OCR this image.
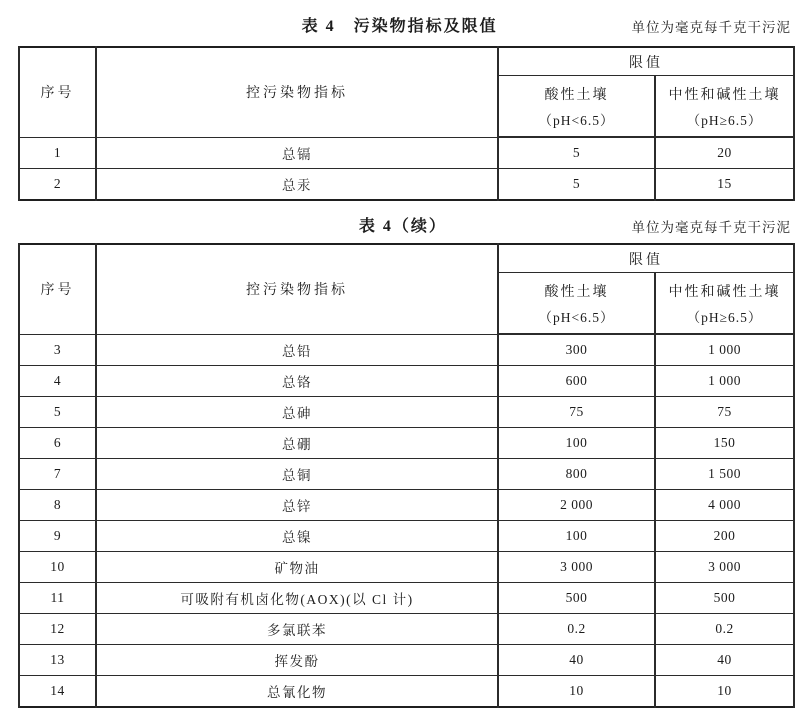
表 4　污染物指标及限值	单位为毫克每千克干污泥
序号	控污染物指标	限值	

酸性土壤
（pH<6.5）

中性和碱性土壤
（pH≥6.5）

1	总镉	5	20
2	总汞	5	15
表 4（续）	单位为毫克每千克干污泥
序号	控污染物指标	限值	

酸性土壤
（pH<6.5）

中性和碱性土壤
（pH≥6.5）

3	总铅	300	1 000
4	总铬	600	1 000
5	总砷	75	75
6	总硼	100	150
7	总铜	800	1 500
8	总锌	2 000	4 000
9	总镍	100	200
10	矿物油	3 000	3 000
11	可吸附有机卤化物(AOX)(以 Cl 计)	500	500
12	多氯联苯	0.2	0.2
13	挥发酚	40	40
14	总氰化物	10	10
